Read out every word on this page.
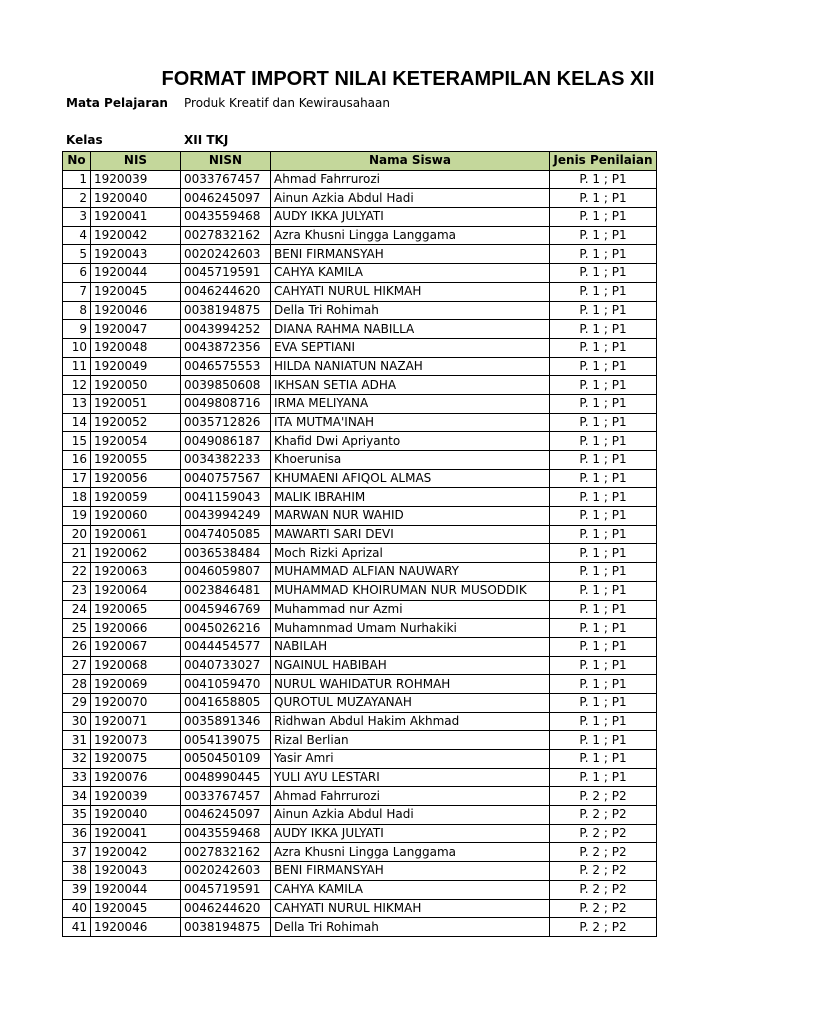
FORMAT IMPORT NILAI KETERAMPILAN KELAS XII
Mata Pelajaran Produk Kreatif dan Kewirausahaan
Kelas	XII TKJ
No	NIS	NISN	Nama Siswa	Jenis Penilaian
1	1920039	0033767457	Ahmad Fahrrurozi	P. 1 ; P1
2	1920040	0046245097	Ainun Azkia Abdul Hadi	P. 1 ; P1
3	1920041	0043559468	AUDY IKKA JULYATI	P. 1 ; P1
4	1920042	0027832162	Azra Khusni Lingga Langgama	P. 1 ; P1
5	1920043	0020242603	BENI FIRMANSYAH	P. 1 ; P1
6	1920044	0045719591	CAHYA KAMILA	P. 1 ; P1
7	1920045	0046244620	CAHYATI NURUL HIKMAH	P. 1 ; P1
8	1920046	0038194875	Della Tri Rohimah	P. 1 ; P1
9	1920047	0043994252	DIANA RAHMA NABILLA	P. 1 ; P1
10	1920048	0043872356	EVA SEPTIANI	P. 1 ; P1
11	1920049	0046575553	HILDA NANIATUN NAZAH	P. 1 ; P1
12	1920050	0039850608	IKHSAN SETIA ADHA	P. 1 ; P1
13	1920051	0049808716	IRMA MELIYANA	P. 1 ; P1
14	1920052	0035712826	ITA MUTMA'INAH	P. 1 ; P1
15	1920054	0049086187	Khafid Dwi Apriyanto	P. 1 ; P1
16	1920055	0034382233	Khoerunisa	P. 1 ; P1
17	1920056	0040757567	KHUMAENI AFIQOL ALMAS	P. 1 ; P1
18	1920059	0041159043	MALIK IBRAHIM	P. 1 ; P1
19	1920060	0043994249	MARWAN NUR WAHID	P. 1 ; P1
20	1920061	0047405085	MAWARTI SARI DEVI	P. 1 ; P1
21	1920062	0036538484	Moch Rizki Aprizal	P. 1 ; P1
22	1920063	0046059807	MUHAMMAD ALFIAN NAUWARY	P. 1 ; P1
23	1920064	0023846481	MUHAMMAD KHOIRUMAN NUR MUSODDIK	P. 1 ; P1
24	1920065	0045946769	Muhammad nur Azmi	P. 1 ; P1
25	1920066	0045026216	Muhamnmad Umam Nurhakiki	P. 1 ; P1
26	1920067	0044454577	NABILAH	P. 1 ; P1
27	1920068	0040733027	NGAINUL HABIBAH	P. 1 ; P1
28	1920069	0041059470	NURUL WAHIDATUR ROHMAH	P. 1 ; P1
29	1920070	0041658805	QUROTUL MUZAYANAH	P. 1 ; P1
30	1920071	0035891346	Ridhwan Abdul Hakim Akhmad	P. 1 ; P1
31	1920073	0054139075	Rizal Berlian	P. 1 ; P1
32	1920075	0050450109	Yasir Amri	P. 1 ; P1
33	1920076	0048990445	YULI AYU LESTARI	P. 1 ; P1
34	1920039	0033767457	Ahmad Fahrrurozi	P. 2 ; P2
35	1920040	0046245097	Ainun Azkia Abdul Hadi	P. 2 ; P2
36	1920041	0043559468	AUDY IKKA JULYATI	P. 2 ; P2
37	1920042	0027832162	Azra Khusni Lingga Langgama	P. 2 ; P2
38	1920043	0020242603	BENI FIRMANSYAH	P. 2 ; P2
39	1920044	0045719591	CAHYA KAMILA	P. 2 ; P2
40	1920045	0046244620	CAHYATI NURUL HIKMAH	P. 2 ; P2
41	1920046	0038194875	Della Tri Rohimah	P. 2 ; P2
